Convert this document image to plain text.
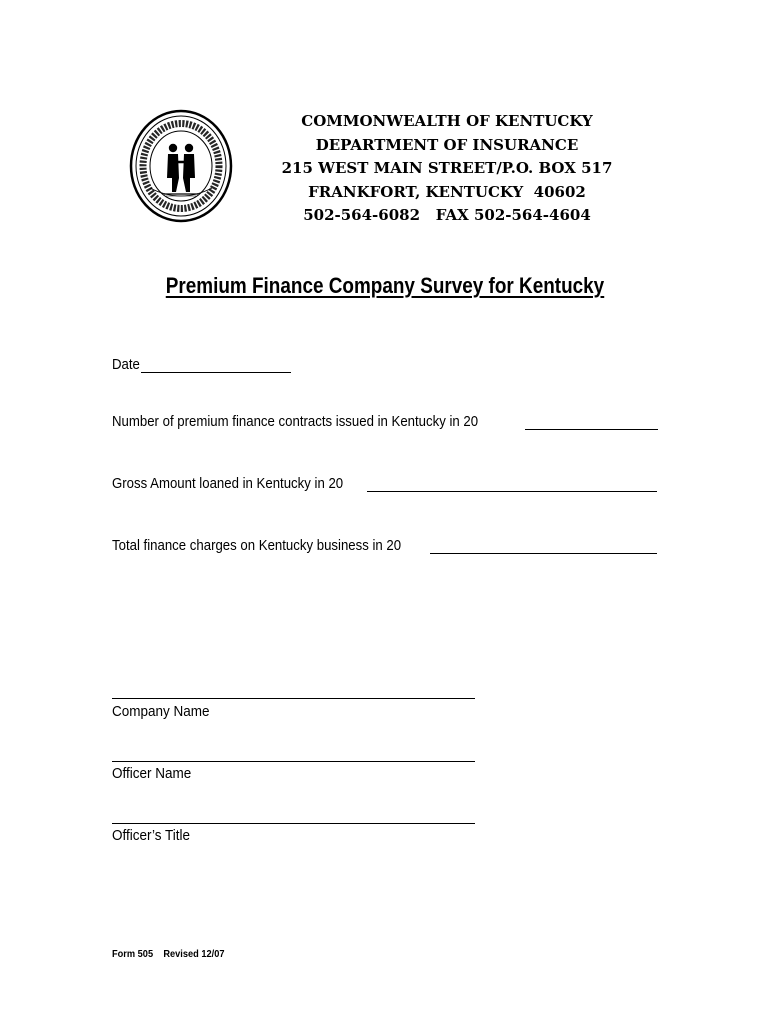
COMMONWEALTH OF KENTUCKY
DEPARTMENT OF INSURANCE
215 WEST MAIN STREET/P.O. BOX 517
FRANKFORT, KENTUCKY  40602
502-564-6082   FAX 502-564-4604
Premium Finance Company Survey for Kentucky
Date
Number of premium finance contracts issued in Kentucky in 20
Gross Amount loaned in Kentucky in 20
Total finance charges on Kentucky business in 20
Company Name
Officer Name
Officer’s Title
Form 505    Revised 12/07
